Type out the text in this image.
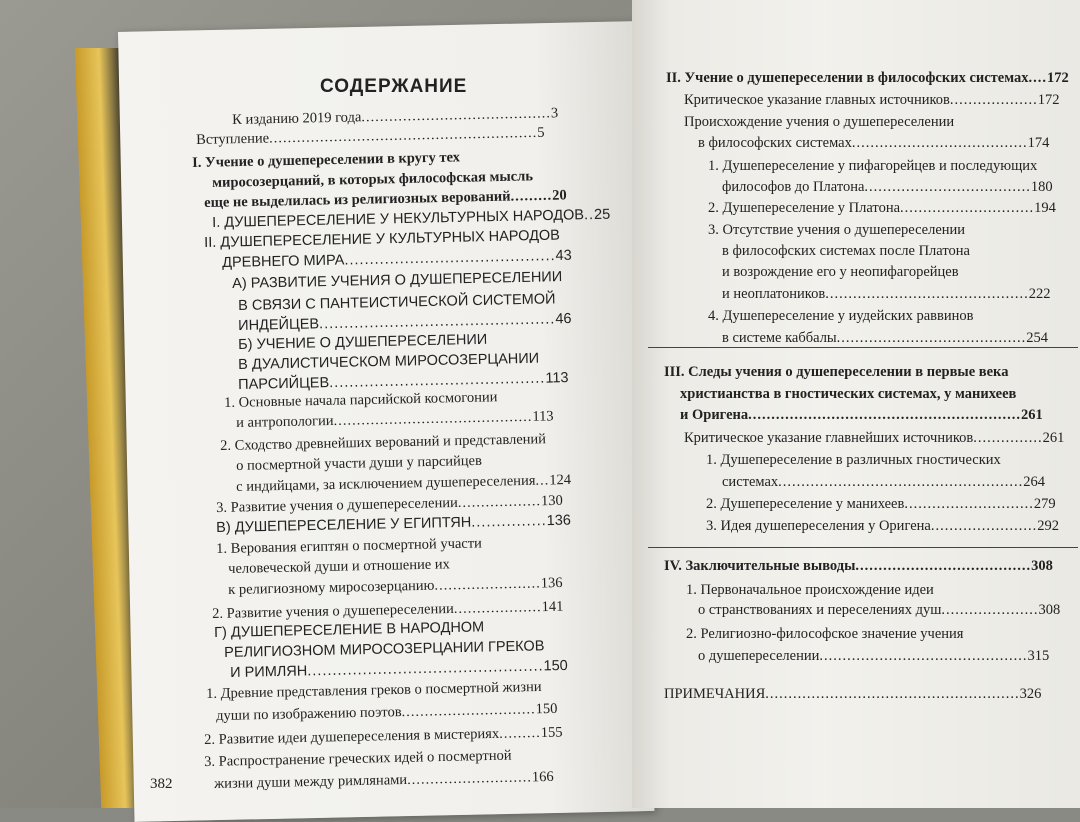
СОДЕРЖАНИЕ
К изданию 2019 года.........................................3
Вступление..........................................................5
I. Учение о душепереселении в кругу тех
миросозерцаний, в которых философская мысль
еще не выделилась из религиозных верований.........20
I. ДУШЕПЕРЕСЕЛЕНИЕ У НЕКУЛЬТУРНЫХ НАРОДОВ..25
II. ДУШЕПЕРЕСЕЛЕНИЕ У КУЛЬТУРНЫХ НАРОДОВ
ДРЕВНЕГО МИРА..........................................43
А) РАЗВИТИЕ УЧЕНИЯ О ДУШЕПЕРЕСЕЛЕНИИ
В СВЯЗИ С ПАНТЕИСТИЧЕСКОЙ СИСТЕМОЙ
ИНДЕЙЦЕВ...............................................46
Б) УЧЕНИЕ О ДУШЕПЕРЕСЕЛЕНИИ
В ДУАЛИСТИЧЕСКОМ МИРОСОЗЕРЦАНИИ
ПАРСИЙЦЕВ...........................................113
1. Основные начала парсийской космогонии
и антропологии...........................................113
2. Сходство древнейших верований и представлений
о посмертной участи души у парсийцев
с индийцами, за исключением душепереселения...124
3. Развитие учения о душепереселении..................130
В) ДУШЕПЕРЕСЕЛЕНИЕ У ЕГИПТЯН...............136
1. Верования египтян о посмертной участи
человеческой души и отношение их
к религиозному миросозерцанию.......................136
2. Развитие учения о душепереселении...................141
Г) ДУШЕПЕРЕСЕЛЕНИЕ В НАРОДНОМ
РЕЛИГИОЗНОМ МИРОСОЗЕРЦАНИИ ГРЕКОВ
И РИМЛЯН...............................................150
1. Древние представления греков о посмертной жизни
души по изображению поэтов.............................150
2. Развитие идеи душепереселения в мистериях.........155
3. Распространение греческих идей о посмертной
жизни души между римлянами...........................166
II. Учение о душепереселении в философских системах....172
Критическое указание главных источников...................172
Происхождение учения о душепереселении
в философских системах......................................174
1. Душепереселение у пифагорейцев и последующих
философов до Платона....................................180
2. Душепереселение у Платона.............................194
3. Отсутствие учения о душепереселении
в философских системах после Платона
и возрождение его у неопифагорейцев
и неоплатоников............................................222
4. Душепереселение у иудейских раввинов
в системе каббалы.........................................254
III. Следы учения о душепереселении в первые века
христианства в гностических системах, у манихеев
и Оригена...........................................................261
Критическое указание главнейших источников...............261
1. Душепереселение в различных гностических
системах.....................................................264
2. Душепереселение у манихеев............................279
3. Идея душепереселения у Оригена.......................292
IV. Заключительные выводы......................................308
1. Первоначальное происхождение идеи
о странствованиях и переселениях душ.....................308
2. Религиозно-философское значение учения
о душепереселении.............................................315
ПРИМЕЧАНИЯ.......................................................326
382
